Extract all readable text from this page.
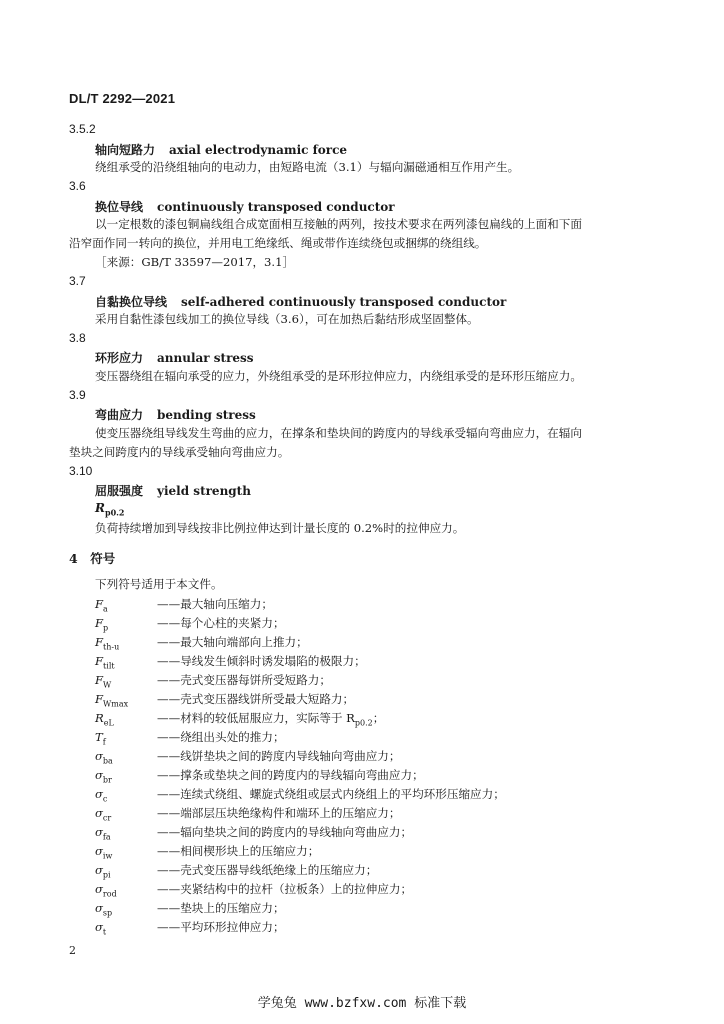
DL/T 2292—2021
3.5.2
轴向短路力 axial electrodynamic force
绕组承受的沿绕组轴向的电动力，由短路电流（3.1）与辐向漏磁通相互作用产生。
3.6
换位导线 continuously transposed conductor
以一定根数的漆包铜扁线组合成宽面相互接触的两列，按技术要求在两列漆包扁线的上面和下面
沿窄面作同一转向的换位，并用电工绝缘纸、绳或带作连续绕包或捆绑的绕组线。
［来源：GB/T 33597—2017，3.1］
3.7
自黏换位导线 self-adhered continuously transposed conductor
采用自黏性漆包线加工的换位导线（3.6），可在加热后黏结形成坚固整体。
3.8
环形应力 annular stress
变压器绕组在辐向承受的应力，外绕组承受的是环形拉伸应力，内绕组承受的是环形压缩应力。
3.9
弯曲应力 bending stress
使变压器绕组导线发生弯曲的应力，在撑条和垫块间的跨度内的导线承受辐向弯曲应力，在辐向
垫块之间跨度内的导线承受轴向弯曲应力。
3.10
屈服强度 yield strength
$R_{p0.2}$
负荷持续增加到导线按非比例拉伸达到计量长度的 0.2%时的拉伸应力。
4　符号
下列符号适用于本文件。
$F_a$	——最大轴向压缩力；
$F_p$	——每个心柱的夹紧力；
$F_{th-u}$	——最大轴向端部向上推力；
$F_{tilt}$	——导线发生倾斜时诱发塌陷的极限力；
$F_W$	——壳式变压器每饼所受短路力；
$F_{Wmax}$ ——壳式变压器线饼所受最大短路力；
$R_{eL}$	——材料的较低屈服应力，实际等于 $R_{p0.2}$；
$T_f$	——绕组出头处的推力；
$\sigma_{ba}$	——线饼垫块之间的跨度内导线轴向弯曲应力；
$\sigma_{br}$	——撑条或垫块之间的跨度内的导线辐向弯曲应力；
$\sigma_c$	——连续式绕组、螺旋式绕组或层式内绕组上的平均环形压缩应力；
$\sigma_{cr}$	——端部层压块绝缘构件和端环上的压缩应力；
$\sigma_{fa}$	——辐向垫块之间的跨度内的导线轴向弯曲应力；
$\sigma_{iw}$	——相间楔形块上的压缩应力；
$\sigma_{pi}$	——壳式变压器导线纸绝缘上的压缩应力；
$\sigma_{rod}$	——夹紧结构中的拉杆（拉板条）上的拉伸应力；
$\sigma_{sp}$	——垫块上的压缩应力；
$\sigma_t$	——平均环形拉伸应力；
2
学兔兔 www.bzfxw.com 标准下载
